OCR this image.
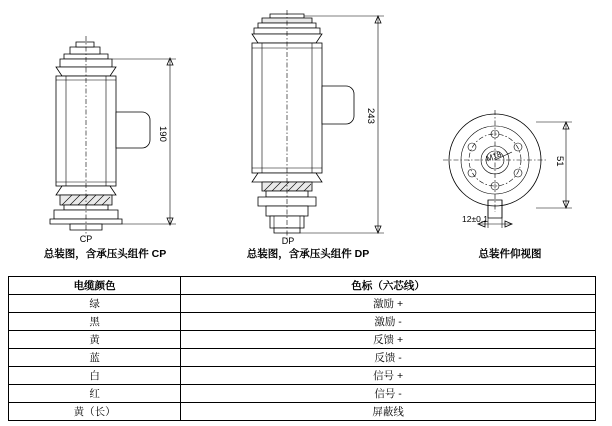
190
CP
总装图，含承压头组件 CP
243
DP
总装图，含承压头组件 DP
M18	51
12±0.1
总装件仰视图
电缆颜色	色标（六芯线）
绿	激励 +
黑	激励 -
黄	反馈 +
蓝	反馈 -
白	信号 +
红	信号 -
黄（长）	屏蔽线
